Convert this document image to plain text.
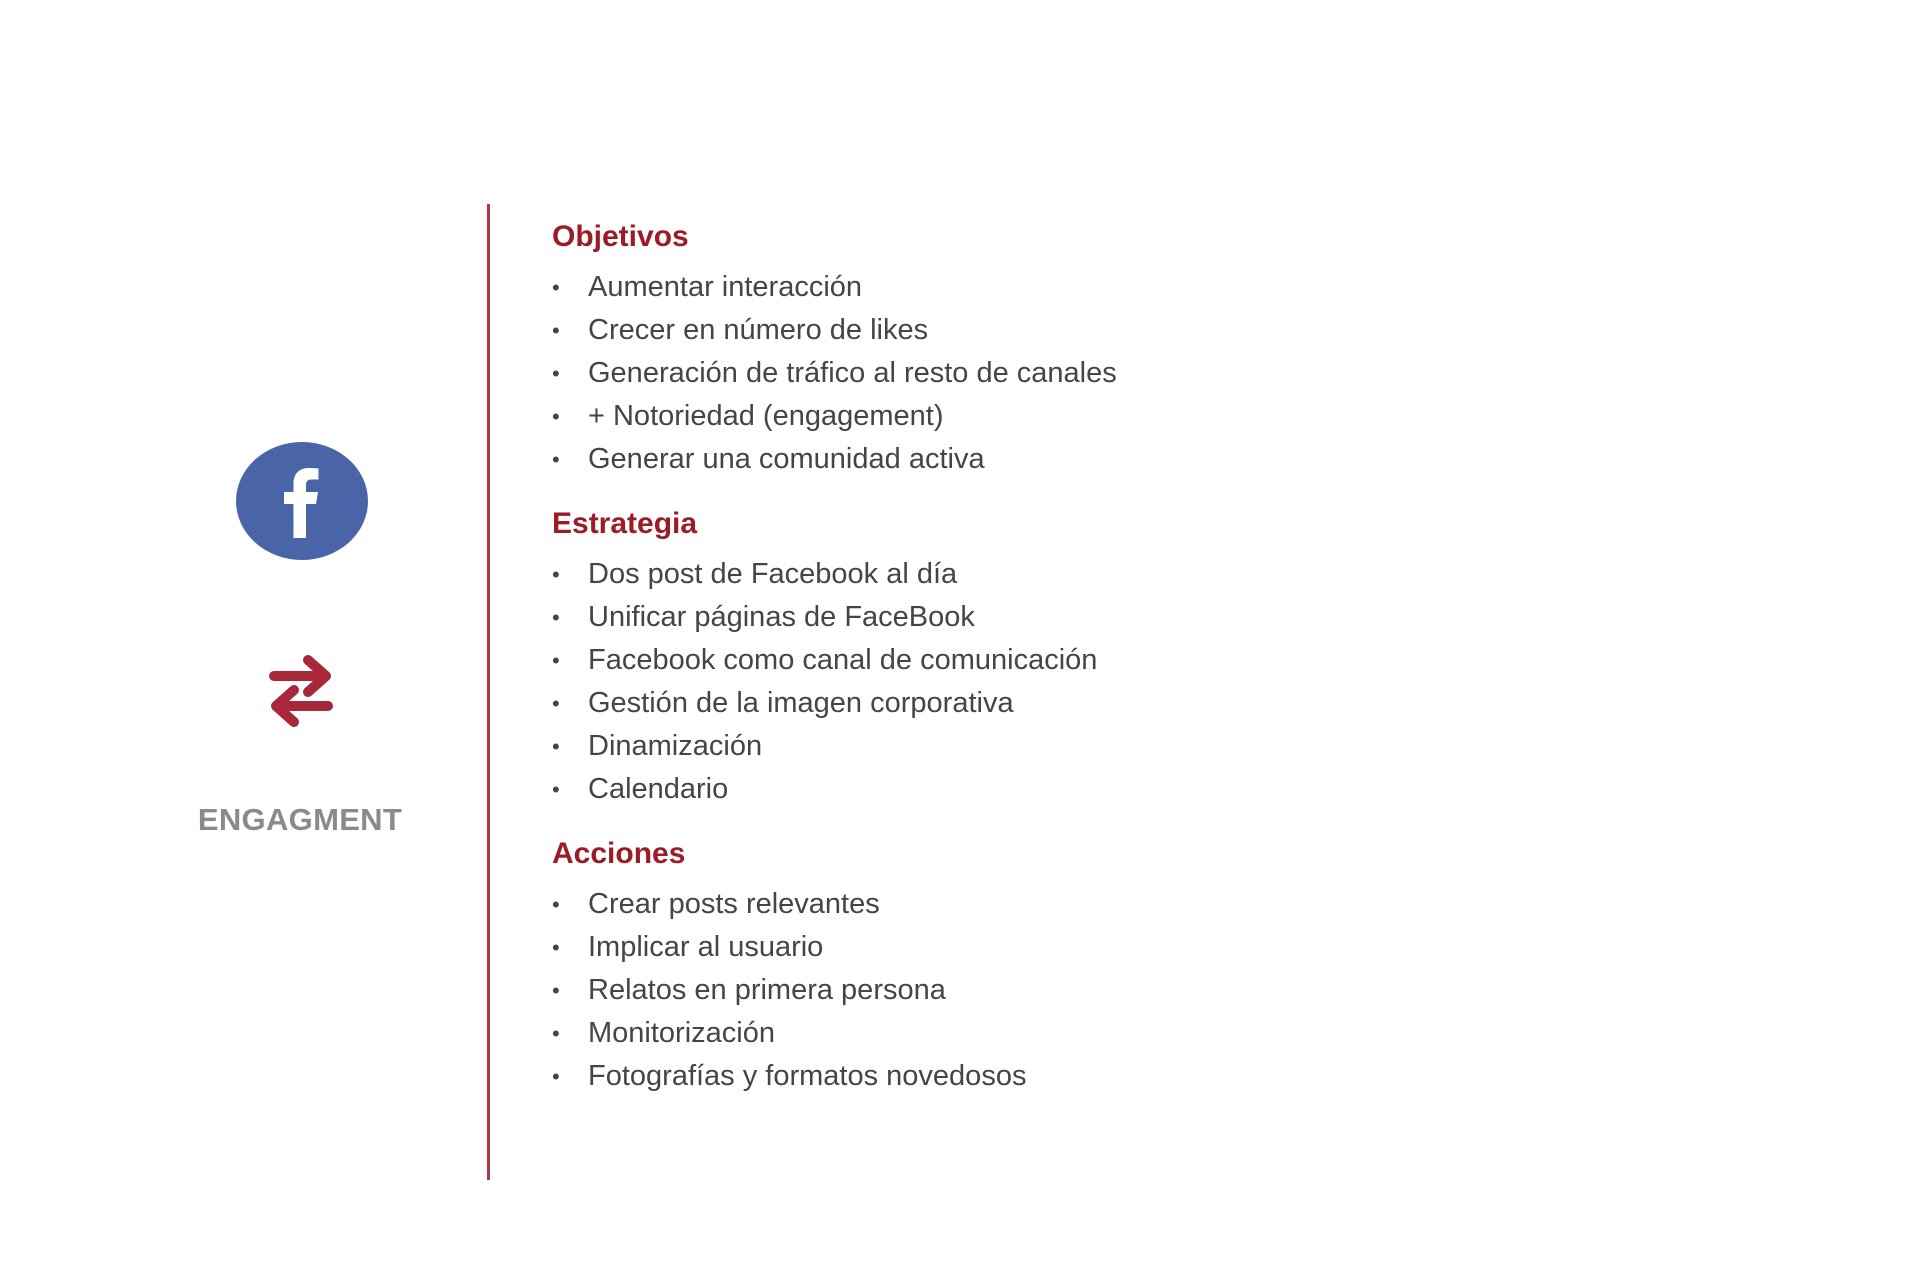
ENGAGMENT
Objetivos
• Aumentar interacción
• Crecer en número de likes
• Generación de tráfico al resto de canales
• + Notoriedad (engagement)
• Generar una comunidad activa
Estrategia
• Dos post de Facebook al día
• Unificar páginas de FaceBook
• Facebook como canal de comunicación
• Gestión de la imagen corporativa
• Dinamización
• Calendario
Acciones
• Crear posts relevantes
• Implicar al usuario
• Relatos en primera persona
• Monitorización
• Fotografías y formatos novedosos
